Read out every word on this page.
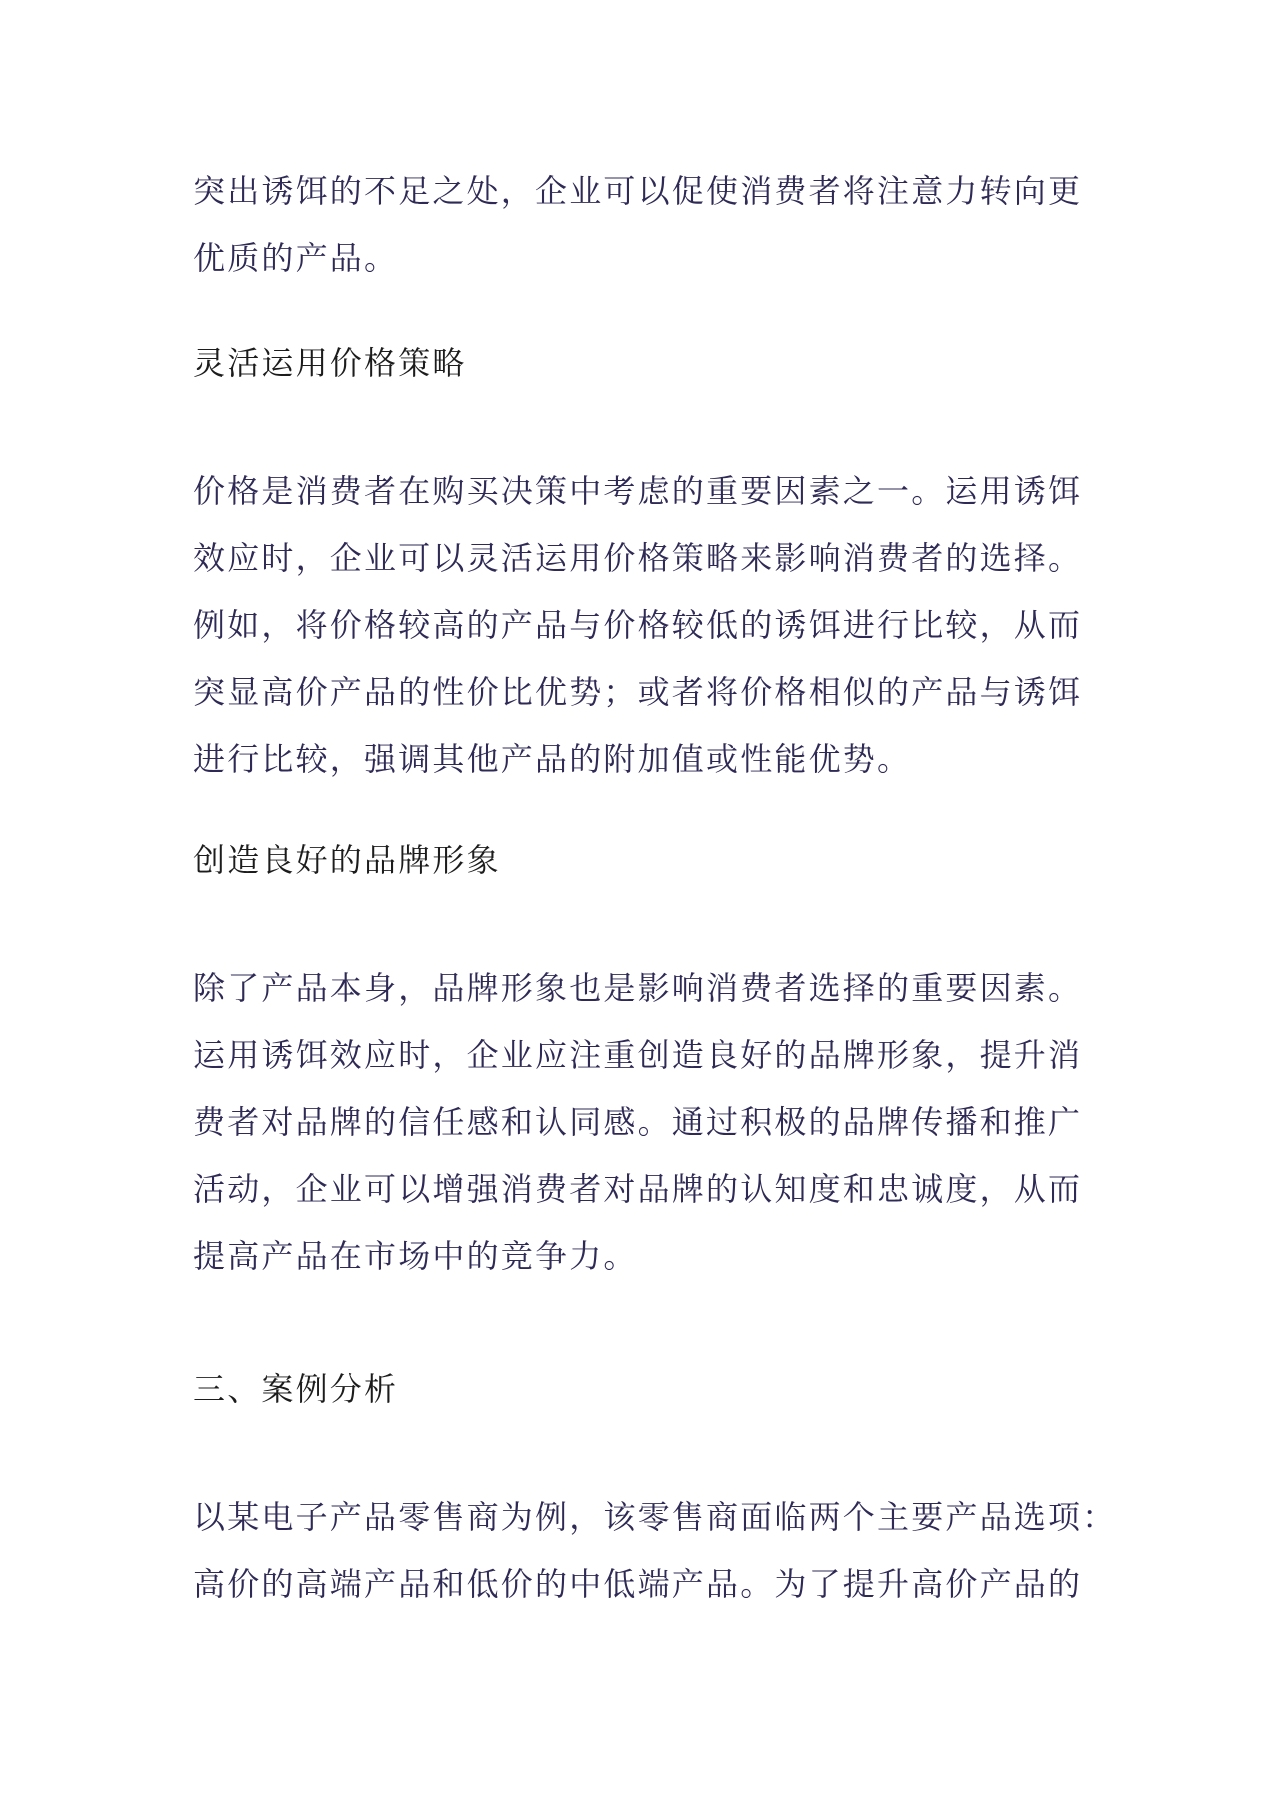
突出诱饵的不足之处，企业可以促使消费者将注意力转向更
优质的产品。

灵活运用价格策略

价格是消费者在购买决策中考虑的重要因素之一。运用诱饵
效应时，企业可以灵活运用价格策略来影响消费者的选择。
例如，将价格较高的产品与价格较低的诱饵进行比较，从而
突显高价产品的性价比优势；或者将价格相似的产品与诱饵
进行比较，强调其他产品的附加值或性能优势。

创造良好的品牌形象

除了产品本身，品牌形象也是影响消费者选择的重要因素。
运用诱饵效应时，企业应注重创造良好的品牌形象，提升消
费者对品牌的信任感和认同感。通过积极的品牌传播和推广
活动，企业可以增强消费者对品牌的认知度和忠诚度，从而
提高产品在市场中的竞争力。

三、案例分析

以某电子产品零售商为例，该零售商面临两个主要产品选项：
高价的高端产品和低价的中低端产品。为了提升高价产品的
